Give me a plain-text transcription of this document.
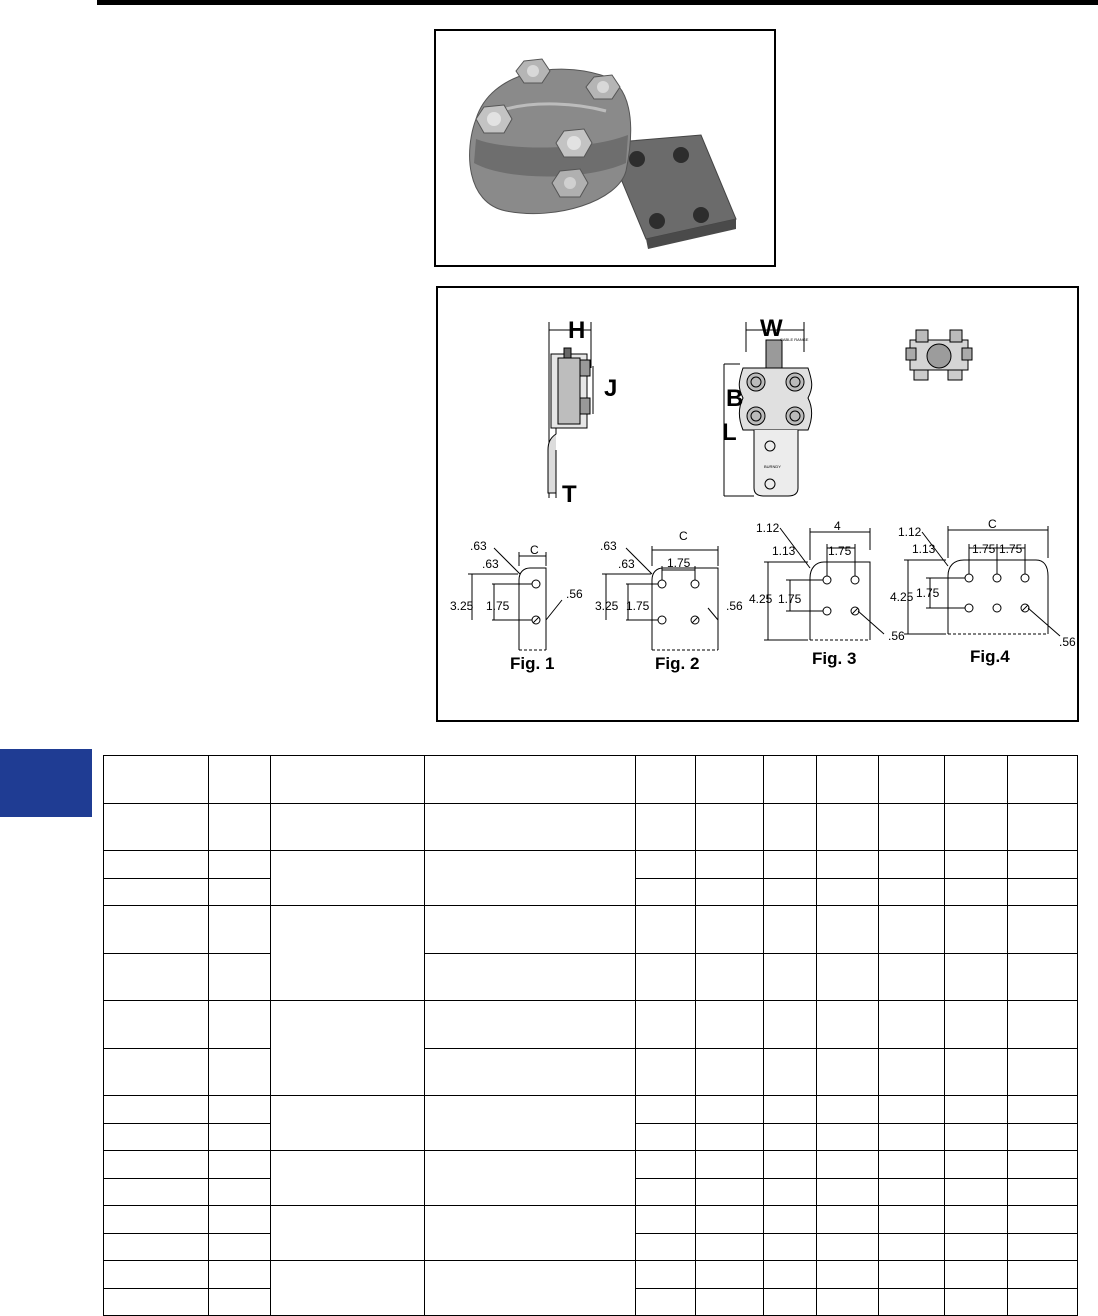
H
J
T
W
B
L
CABLE RANGE
BURNDY
.63
.63
C
3.25 1.75
.56
Fig. 1
.63
.63
C
1.75
3.25 1.75	.56
Fig. 2
1.12	4
1.13	1.75
4.25 1.75
.56
Fig. 3
1.12
C
1.13	1.75 1.75
4.25 1.75
.56
Fig.4
